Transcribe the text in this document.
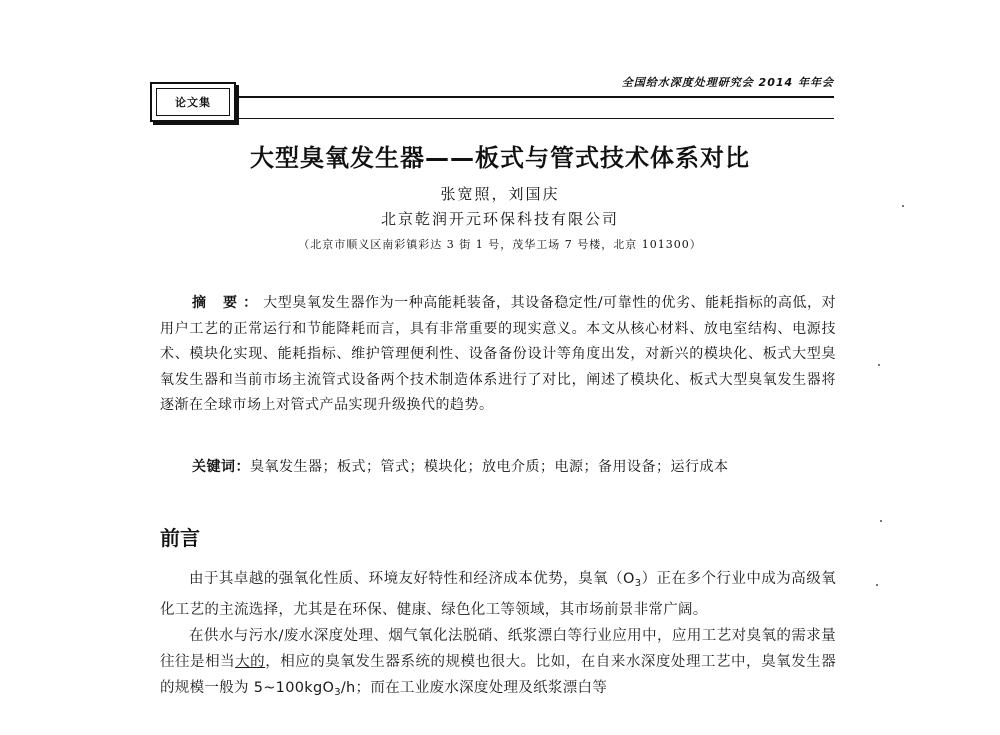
论文集
全国给水深度处理研究会 2014 年年会
大型臭氧发生器——板式与管式技术体系对比
张宽照，刘国庆
北京乾润开元环保科技有限公司
（北京市顺义区南彩镇彩达 3 街 1 号，茂华工场 7 号楼，北京 101300）
摘 要：大型臭氧发生器作为一种高能耗装备，其设备稳定性/可靠性的优劣、能耗指标的高低，对用户工艺的正常运行和节能降耗而言，具有非常重要的现实意义。本文从核心材料、放电室结构、电源技术、模块化实现、能耗指标、维护管理便利性、设备备份设计等角度出发，对新兴的模块化、板式大型臭氧发生器和当前市场主流管式设备两个技术制造体系进行了对比，阐述了模块化、板式大型臭氧发生器将逐渐在全球市场上对管式产品实现升级换代的趋势。
关键词：臭氧发生器；板式；管式；模块化；放电介质；电源；备用设备；运行成本
前言

由于其卓越的强氧化性质、环境友好特性和经济成本优势，臭氧$(O_3)$正在多个行业中成为高级氧化工艺的主流选择，尤其是在环保、健康、绿色化工等领域，其市场前景非常广阔。

在供水与污水/废水深度处理、烟气氧化法脱硝、纸浆漂白等行业应用中，应用工艺对臭氧的需求量往往是相当大的，相应的臭氧发生器系统的规模也很大。比如，在自来水深度处理工艺中，臭氧发生器的规模一般为 5~100kgO$_3$/h；而在工业废水深度处理及纸浆漂白等
